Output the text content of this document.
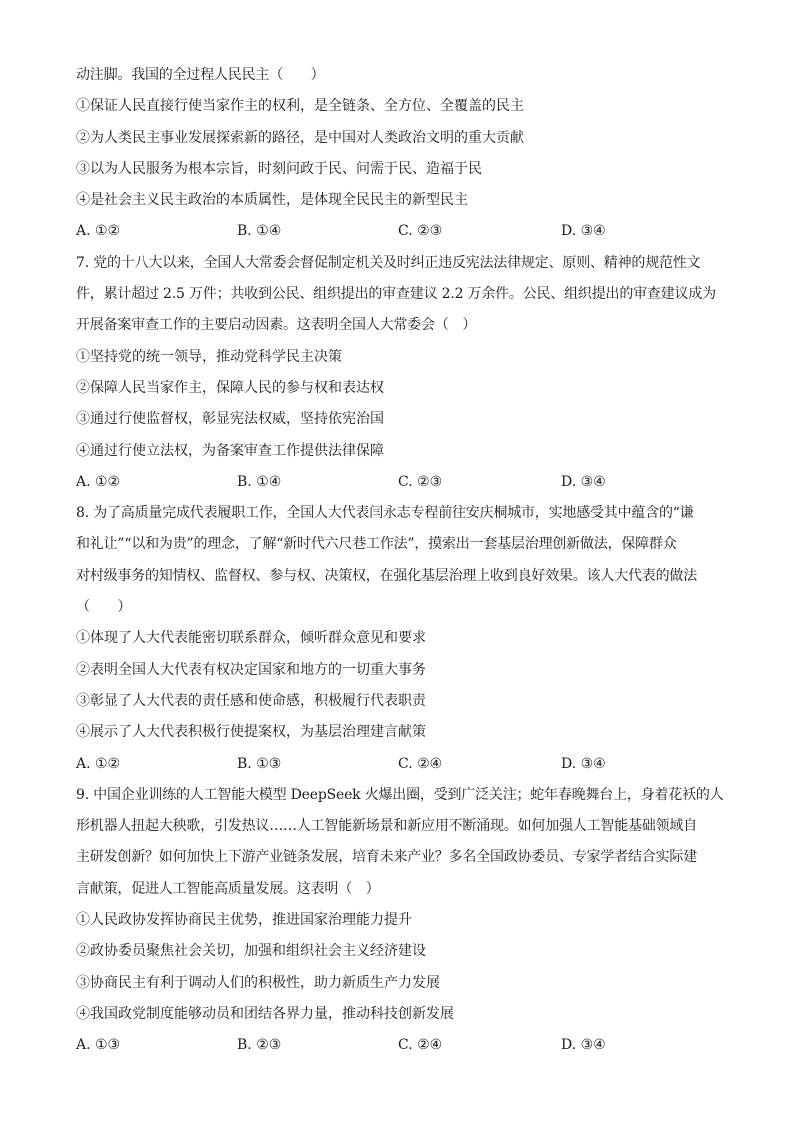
动注脚。我国的全过程人民民主（　　）
①保证人民直接行使当家作主的权利，是全链条、全方位、全覆盖的民主
②为人类民主事业发展探索新的路径，是中国对人类政治文明的重大贡献
③以为人民服务为根本宗旨，时刻问政于民、问需于民、造福于民
④是社会主义民主政治的本质属性，是体现全民民主的新型民主
A. ①②	B. ①④	C. ②③	D. ③④
7. 党的十八大以来，全国人大常委会督促制定机关及时纠正违反宪法法律规定、原则、精神的规范性文
件，累计超过 2.5 万件；共收到公民、组织提出的审查建议 2.2 万余件。公民、组织提出的审查建议成为
开展备案审查工作的主要启动因素。这表明全国人大常委会（　）
①坚持党的统一领导，推动党科学民主决策
②保障人民当家作主，保障人民的参与权和表达权
③通过行使监督权，彰显宪法权威，坚持依宪治国
④通过行使立法权，为备案审查工作提供法律保障
A. ①②	B. ①④	C. ②③	D. ③④
8. 为了高质量完成代表履职工作，全国人大代表闫永志专程前往安庆桐城市，实地感受其中蕴含的“谦
和礼让”“以和为贵”的理念，了解“新时代六尺巷工作法”，摸索出一套基层治理创新做法，保障群众
对村级事务的知情权、监督权、参与权、决策权，在强化基层治理上收到良好效果。该人大代表的做法
（　　）
①体现了人大代表能密切联系群众，倾听群众意见和要求
②表明全国人大代表有权决定国家和地方的一切重大事务
③彰显了人大代表的责任感和使命感，积极履行代表职责
④展示了人大代表积极行使提案权，为基层治理建言献策
A. ①②	B. ①③	C. ②④	D. ③④
9. 中国企业训练的人工智能大模型 DeepSeek 火爆出圈，受到广泛关注；蛇年春晚舞台上，身着花袄的人
形机器人扭起大秧歌，引发热议……人工智能新场景和新应用不断涌现。如何加强人工智能基础领域自
主研发创新？如何加快上下游产业链条发展，培育未来产业？多名全国政协委员、专家学者结合实际建
言献策，促进人工智能高质量发展。这表明（　）
①人民政协发挥协商民主优势，推进国家治理能力提升
②政协委员聚焦社会关切，加强和组织社会主义经济建设
③协商民主有利于调动人们的积极性，助力新质生产力发展
④我国政党制度能够动员和团结各界力量，推动科技创新发展
A. ①③	B. ②③	C. ②④	D. ③④
